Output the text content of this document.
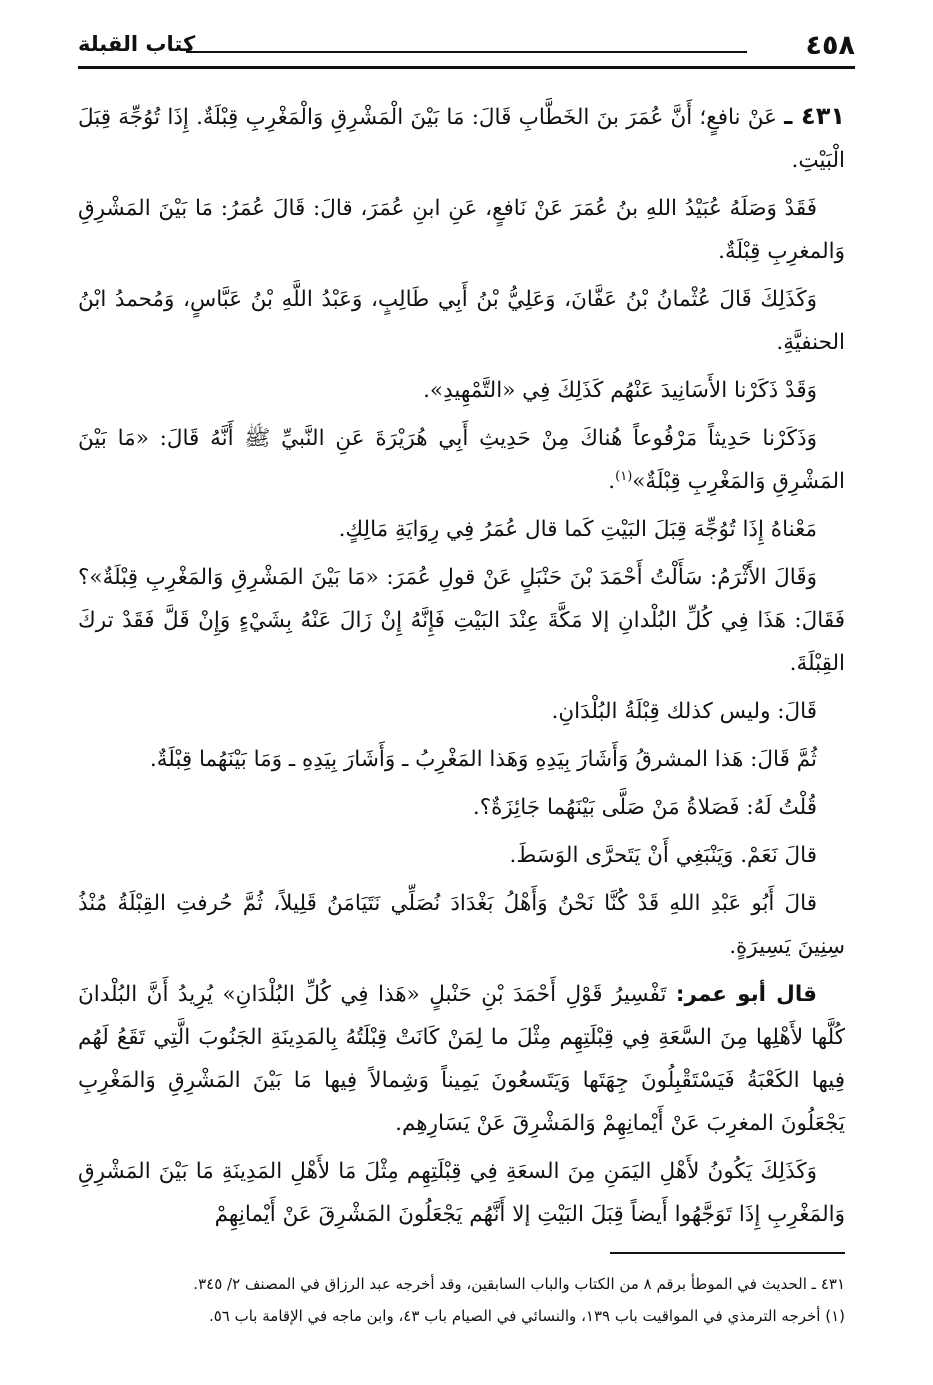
٤٥٨
كتاب القبلة

٤٣١ ـ عَنْ نافعٍ؛ أَنَّ عُمَرَ بنَ الخَطَّابِ قَالَ: مَا بَيْنَ الْمَشْرِقِ وَالْمَغْرِبِ قِبْلَةٌ. إِذَا تُوُجِّهَ قِبَلَ الْبَيْتِ.

فَقَدْ وَصَلَهُ عُبَيْدُ اللهِ بنُ عُمَرَ عَنْ نَافعٍ، عَنِ ابنِ عُمَرَ، قالَ: قَالَ عُمَرُ: مَا بَيْنَ المَشْرِقِ وَالمغرِبِ قِبْلَةٌ.

وَكَذَلِكَ قَالَ عُثْمانُ بْنُ عَفَّانَ، وَعَلِيُّ بْنُ أَبِي طَالِبٍ، وَعَبْدُ اللَّهِ بْنُ عَبَّاسٍ، وَمُحمدُ ابْنُ الحنفيَّةِ.

وَقَدْ ذَكَرْنا الأَسَانِيدَ عَنْهُم كَذَلِكَ فِي «التَّمْهِيدِ».

وَذَكَرْنا حَدِيثاً مَرْفُوعاً هُناكَ مِنْ حَدِيثِ أَبِي هُرَيْرَةَ عَنِ النَّبيِّ ﷺ أَنَّهُ قَالَ: «مَا بَيْنَ المَشْرِقِ وَالمَغْرِبِ قِبْلَةٌ»$^{(١)}$.

مَعْناهُ إِذَا تُوُجِّهَ قِبَلَ البَيْتِ كَما قال عُمَرُ فِي رِوَايَةِ مَالِكٍ.

وَقَالَ الأَثْرَمُ: سَأَلْتُ أَحْمَدَ بْنَ حَنْبَلٍ عَنْ قولِ عُمَرَ: «مَا بَيْنَ المَشْرِقِ وَالمَغْرِبِ قِبْلَةٌ»؟ فَقَالَ: هَذَا فِي كُلِّ البُلْدانِ إلا مَكَّةَ عِنْدَ البَيْتِ فَإِنَّهُ إِنْ زَالَ عَنْهُ بِشَيْءٍ وَإِنْ قَلَّ فَقَدْ تركَ القِبْلَةَ.

قَالَ: وليس كذلك قِبْلَةُ البُلْدَانِ.

ثُمَّ قَالَ: هَذا المشرقُ وَأَشَارَ بِيَدِهِ وَهَذا المَغْرِبُ ـ وَأَشَارَ بِيَدِهِ ـ وَمَا بَيْنَهُما قِبْلَةٌ.

قُلْتُ لَهُ: فَصَلاةُ مَنْ صَلَّى بَيْنَهُما جَائِزَةٌ؟.

قالَ نَعَمْ. وَيَنْبَغِي أَنْ يَتَحرَّى الوَسَطَ.

قالَ أَبُو عَبْدِ اللهِ قَدْ كُنَّا نَحْنُ وَأَهْلُ بَغْدَادَ نُصَلِّي نَتَيَامَنُ قَلِيلاً، ثُمَّ حُرفتِ القِبْلَةُ مُنْذُ سِنِينَ يَسِيرَةٍ.

قال أبو عمر: تَفْسِيرُ قَوْلِ أَحْمَدَ بْنِ حَنْبلٍ «هَذا فِي كُلِّ البُلْدَانِ» يُرِيدُ أَنَّ البُلْدانَ كُلَّها لأَهْلِها مِنَ السَّعَةِ فِي قِبْلَتِهِم مِثْلَ ما لِمَنْ كَانَتْ قِبْلَتُهُ بِالمَدِينَةِ الجَنُوبَ الَّتِي تَقَعُ لَهُم فِيها الكَعْبَةُ فَيَسْتَقْبِلُونَ جِهَتَها وَيَتَسعُونَ يَمِيناً وَشِمالاً فِيها مَا بَيْنَ المَشْرِقِ وَالمَغْرِبِ يَجْعَلُونَ المغرِبَ عَنْ أَيْمانِهِمْ وَالمَشْرِقَ عَنْ يَسَارِهِم.

وَكَذَلِكَ يَكُونُ لأَهْلِ اليَمَنِ مِنَ السعَةِ فِي قِبْلَتِهِم مِثْلَ مَا لأَهْلِ المَدِينَةِ مَا بَيْنَ المَشْرِقِ وَالمَغْرِبِ إِذَا تَوَجَّهُوا أَيضاً قِبَلَ البَيْتِ إلا أَنَّهُم يَجْعَلُونَ المَشْرِقَ عَنْ أَيْمانِهِمْ

٤٣١ ـ الحديث في الموطأ برقم ٨ من الكتاب والباب السابقين، وقد أخرجه عبد الرزاق في المصنف ٢/ ٣٤٥.
(١) أخرجه الترمذي في المواقيت باب ١٣٩، والنسائي في الصيام باب ٤٣، وابن ماجه في الإقامة باب ٥٦.
